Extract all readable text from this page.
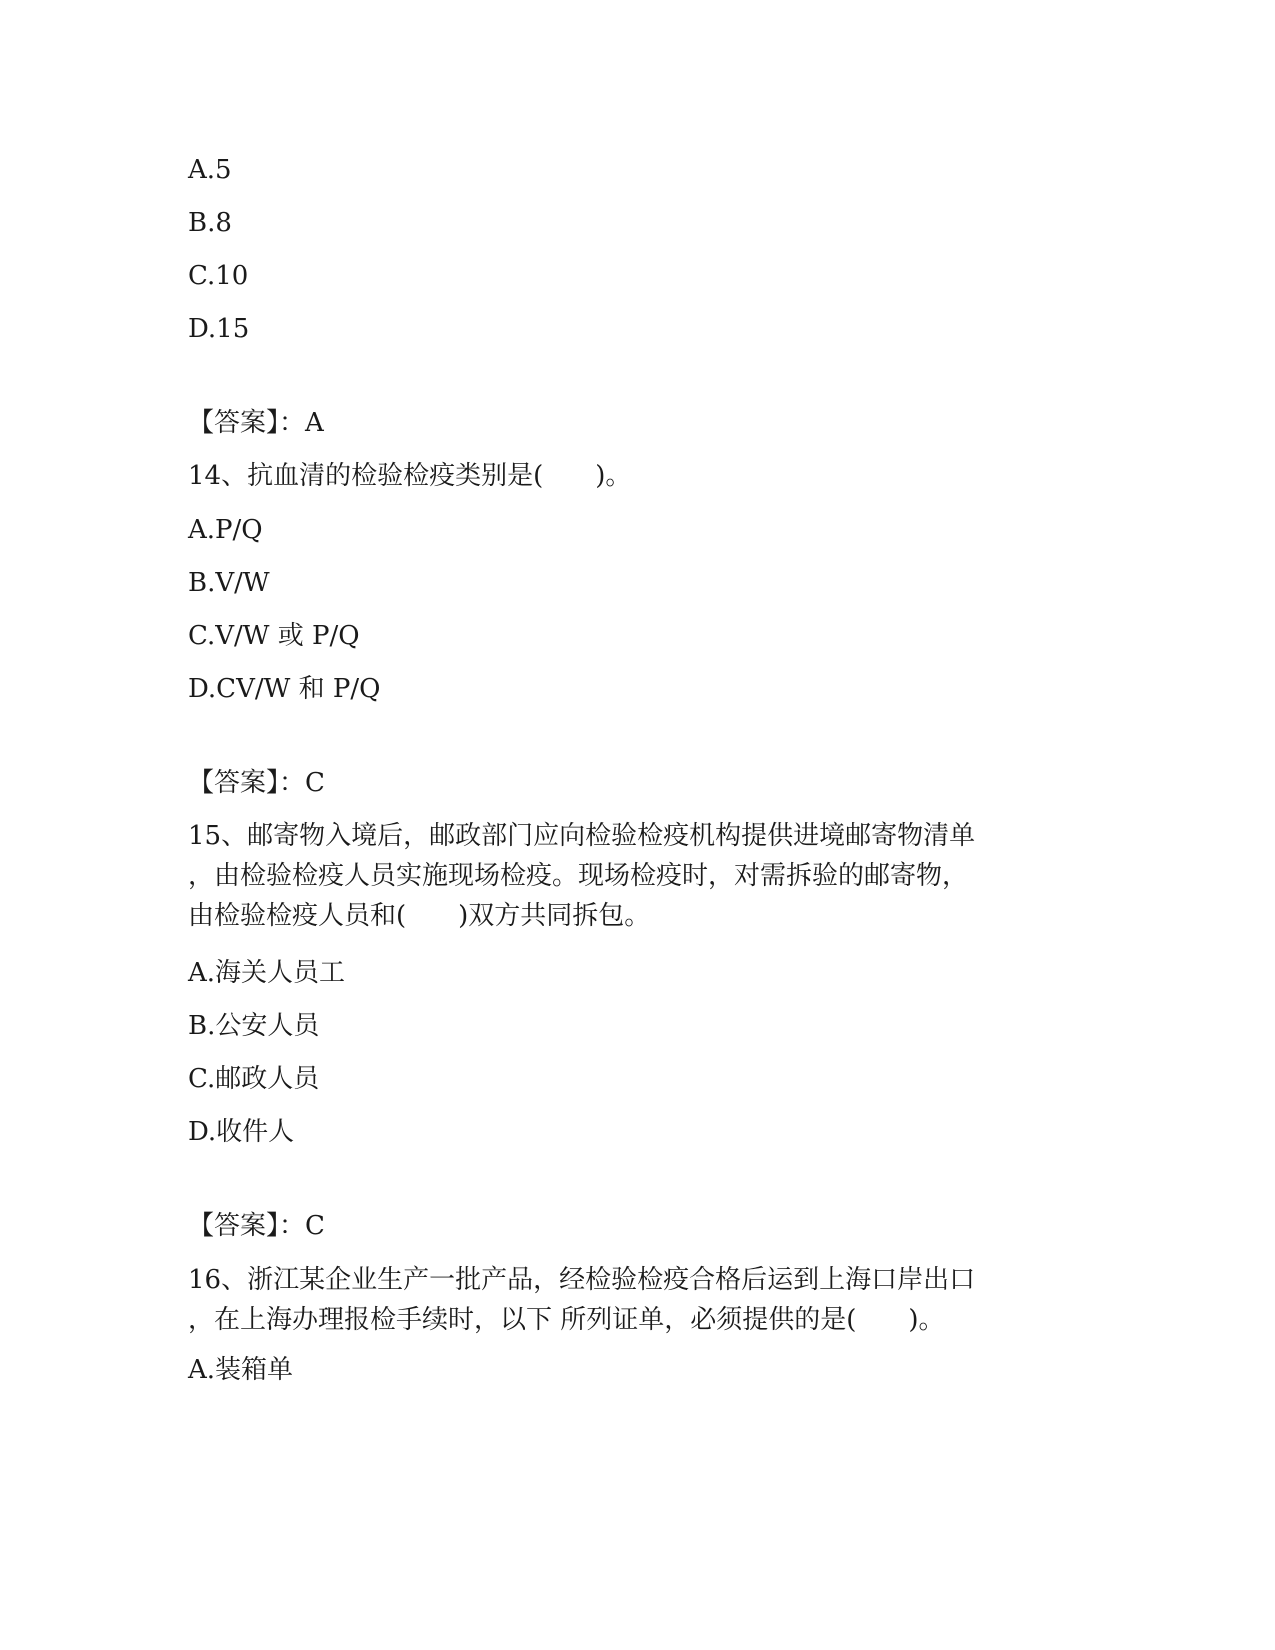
A.5

B.8

C.10

D.15

【答案】：A

14、抗血清的检验检疫类别是(　　)。

A.P/Q

B.V/W

C.V/W 或 P/Q

D.CV/W 和 P/Q

【答案】：C

15、邮寄物入境后，邮政部门应向检验检疫机构提供进境邮寄物清单

，由检验检疫人员实施现场检疫。现场检疫时，对需拆验的邮寄物，

由检验检疫人员和(　　)双方共同拆包。

A.海关人员工

B.公安人员

C.邮政人员

D.收件人

【答案】：C

16、浙江某企业生产一批产品，经检验检疫合格后运到上海口岸出口

，在上海办理报检手续时，以下 所列证单，必须提供的是(　　)。

A.装箱单
